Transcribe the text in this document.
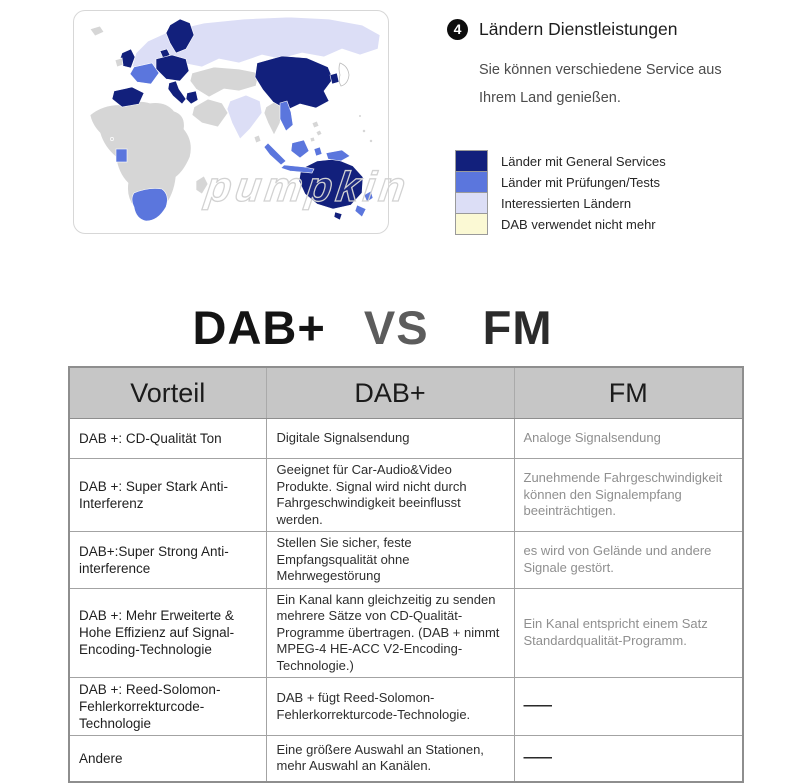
pumpkin
4	Ländern Dienstleistungen

Sie können verschiedene Service aus

Ihrem Land genießen.

Länder mit General Services
Länder mit Prüfungen/Tests
Interessierten Ländern
DAB verwendet nicht mehr
DAB+ VS FM
Vorteil	DAB+	FM
DAB +: CD-Qualität Ton	Digitale Signalsendung	Analoge Signalsendung
DAB +: Super Stark Anti-Interferenz	Geeignet für Car-Audio&Video Produkte. Signal wird nicht durch Fahrgeschwindigkeit beeinflusst werden.	Zunehmende Fahrgeschwindigkeit können den Signalempfang beeinträchtigen.
DAB+:Super Strong Anti-interference	Stellen Sie sicher, feste Empfangsqualität ohne Mehrwegestörung	es wird von Gelände und andere Signale gestört.
DAB +: Mehr Erweiterte & Hohe Effizienz auf Signal-Encoding-Technologie	Ein Kanal kann gleichzeitig zu senden mehrere Sätze von CD-Qualität-Programme übertragen. (DAB + nimmt MPEG-4 HE-ACC V2-Encoding-Technologie.)	Ein Kanal entspricht einem Satz Standardqualität-Programm.
DAB +: Reed-Solomon-Fehlerkorrekturcode-Technologie	DAB + fügt Reed-Solomon-Fehlerkorrekturcode-Technologie.	——
Andere	Eine größere Auswahl an Stationen, mehr Auswahl an Kanälen.	——
